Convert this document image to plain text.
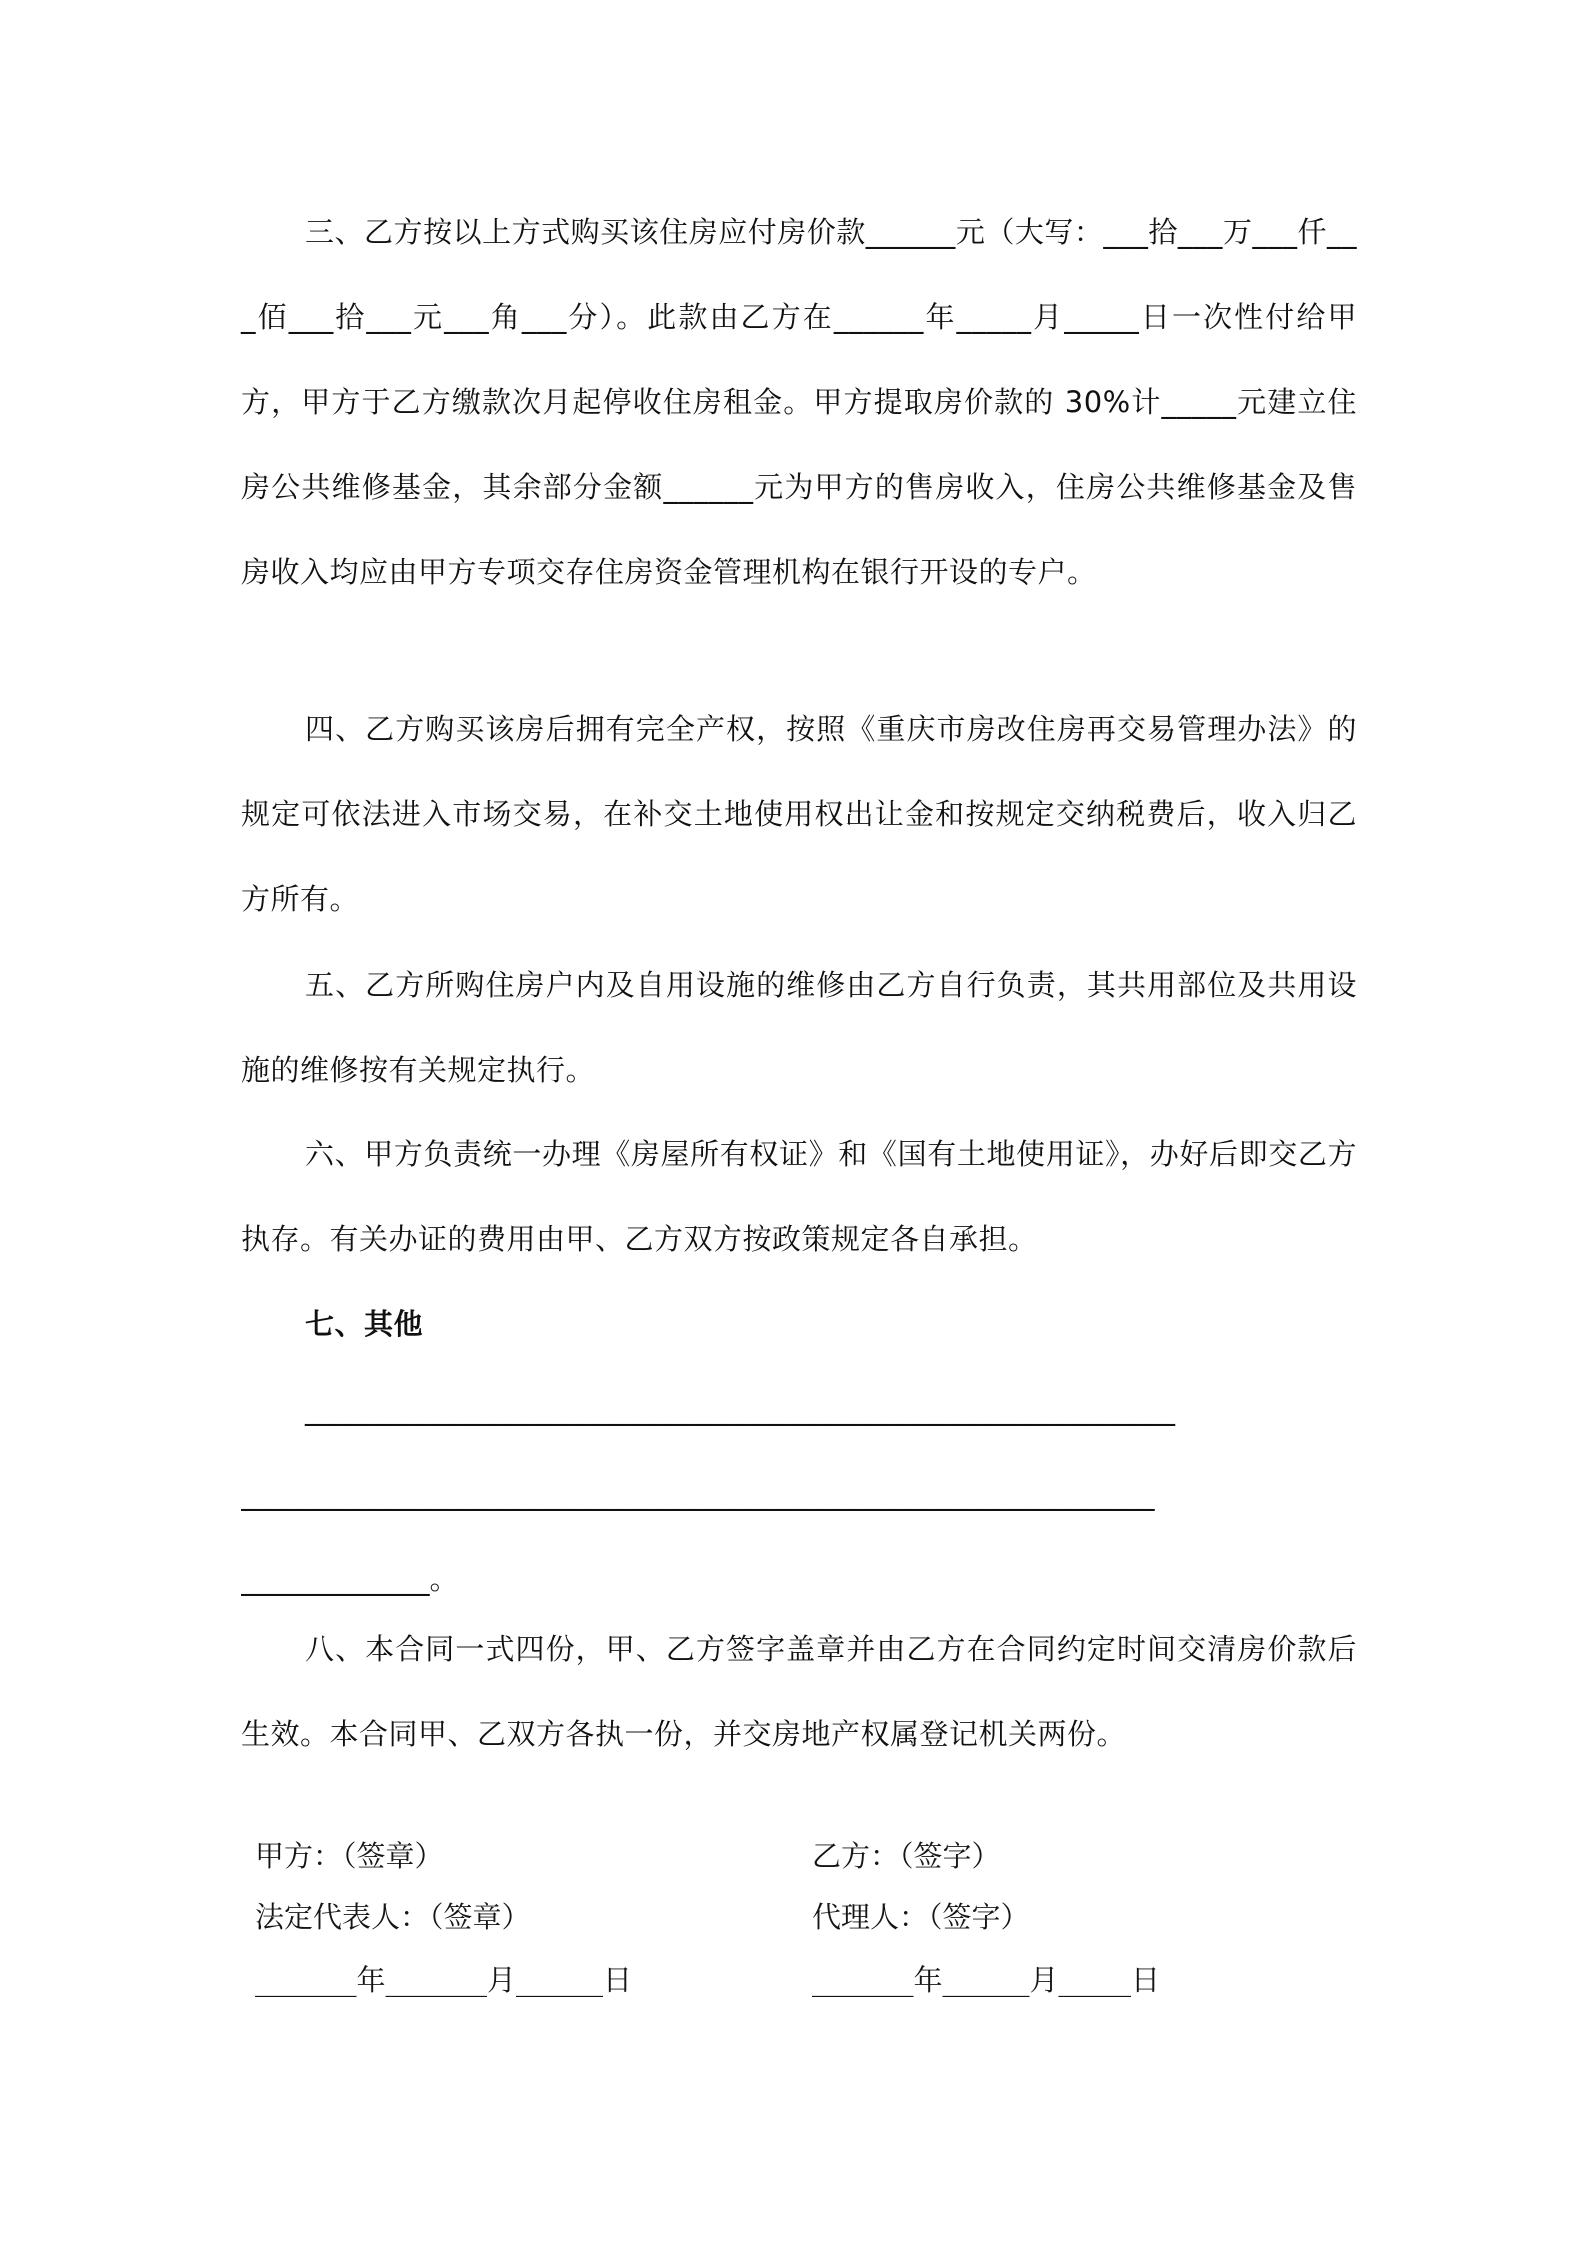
三、乙方按以上方式购买该住房应付房价款______元（大写：___拾___万___仟___佰___拾___元___角___分）。此款由乙方在______年_____月_____日一次性付给甲方，甲方于乙方缴款次月起停收住房租金。甲方提取房价款的 30%计_____元建立住房公共维修基金，其余部分金额______元为甲方的售房收入，住房公共维修基金及售房收入均应由甲方专项交存住房资金管理机构在银行开设的专户。

四、乙方购买该房后拥有完全产权，按照《重庆市房改住房再交易管理办法》的规定可依法进入市场交易，在补交土地使用权出让金和按规定交纳税费后，收入归乙方所有。

五、乙方所购住房户内及自用设施的维修由乙方自行负责，其共用部位及共用设施的维修按有关规定执行。

六、甲方负责统一办理《房屋所有权证》和《国有土地使用证》，办好后即交乙方执存。有关办证的费用由甲、乙方双方按政策规定各自承担。

七、其他

____________________________________________________________

_______________________________________________________________

_____________。

八、本合同一式四份，甲、乙方签字盖章并由乙方在合同约定时间交清房价款后生效。本合同甲、乙双方各执一份，并交房地产权属登记机关两份。

甲方：（签章）

法定代表人：（签章）

_______年_______月______日

乙方：（签字）

代理人：（签字）

_______年______月_____日
